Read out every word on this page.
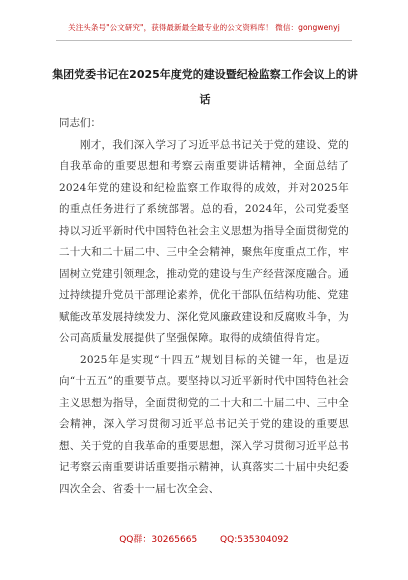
关注头条号"公文研究"，获得最新最全最专业的公文资料库！ 微信：gongwenyj
集团党委书记在2025年度党的建设暨纪检监察工作会议上的讲话

同志们：

刚才，我们深入学习了习近平总书记关于党的建设、党的自我革命的重要思想和考察云南重要讲话精神，全面总结了2024年党的建设和纪检监察工作取得的成效，并对2025年的重点任务进行了系统部署。总的看，2024年，公司党委坚持以习近平新时代中国特色社会主义思想为指导全面贯彻党的二十大和二十届二中、三中全会精神，聚焦年度重点工作，牢固树立党建引领理念，推动党的建设与生产经营深度融合。通过持续提升党员干部理论素养，优化干部队伍结构功能、党建赋能改革发展持续发力、深化党风廉政建设和反腐败斗争，为公司高质量发展提供了坚强保障。取得的成绩值得肯定。

2025年是实现“十四五”规划目标的关键一年，也是迈向“十五五”的重要节点。要坚持以习近平新时代中国特色社会主义思想为指导，全面贯彻党的二十大和二十届二中、三中全会精神，深入学习贯彻习近平总书记关于党的建设的重要思想、关于党的自我革命的重要思想，深入学习贯彻习近平总书记考察云南重要讲话重要指示精神，认真落实二十届中央纪委四次全会、省委十一届七次全会、

QQ群：30265665	QQ:535304092
